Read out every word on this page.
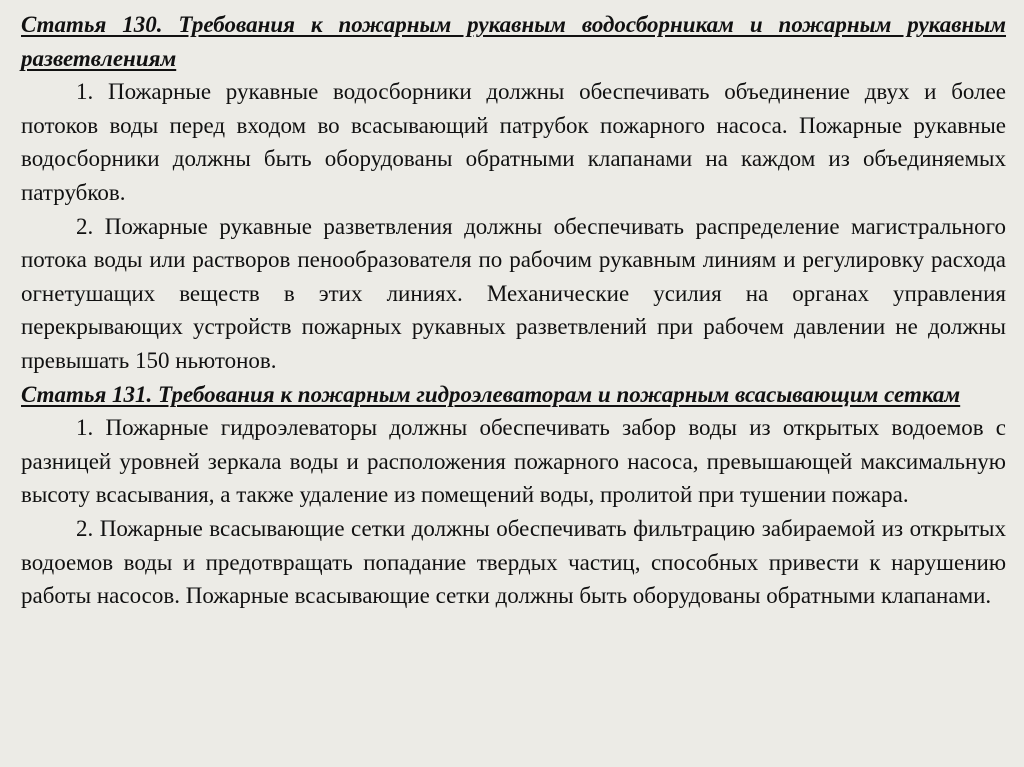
Статья 130. Требования к пожарным рукавным водосборникам и пожарным рукавным разветвлениям

1. Пожарные рукавные водосборники должны обеспечивать объединение двух и более потоков воды перед входом во всасывающий патрубок пожарного насоса. Пожарные рукавные водосборники должны быть оборудованы обратными клапанами на каждом из объединяемых патрубков.

2. Пожарные рукавные разветвления должны обеспечивать распределение магистрального потока воды или растворов пенообразователя по рабочим рукавным линиям и регулировку расхода огнетушащих веществ в этих линиях. Механические усилия на органах управления перекрывающих устройств пожарных рукавных разветвлений при рабочем давлении не должны превышать 150 ньютонов.

Статья 131. Требования к пожарным гидроэлеваторам и пожарным всасывающим сеткам

1. Пожарные гидроэлеваторы должны обеспечивать забор воды из открытых водоемов с разницей уровней зеркала воды и расположения пожарного насоса, превышающей максимальную высоту всасывания, а также удаление из помещений воды, пролитой при тушении пожара.

2. Пожарные всасывающие сетки должны обеспечивать фильтрацию забираемой из открытых водоемов воды и предотвращать попадание твердых частиц, способных привести к нарушению работы насосов. Пожарные всасывающие сетки должны быть оборудованы обратными клапанами.
